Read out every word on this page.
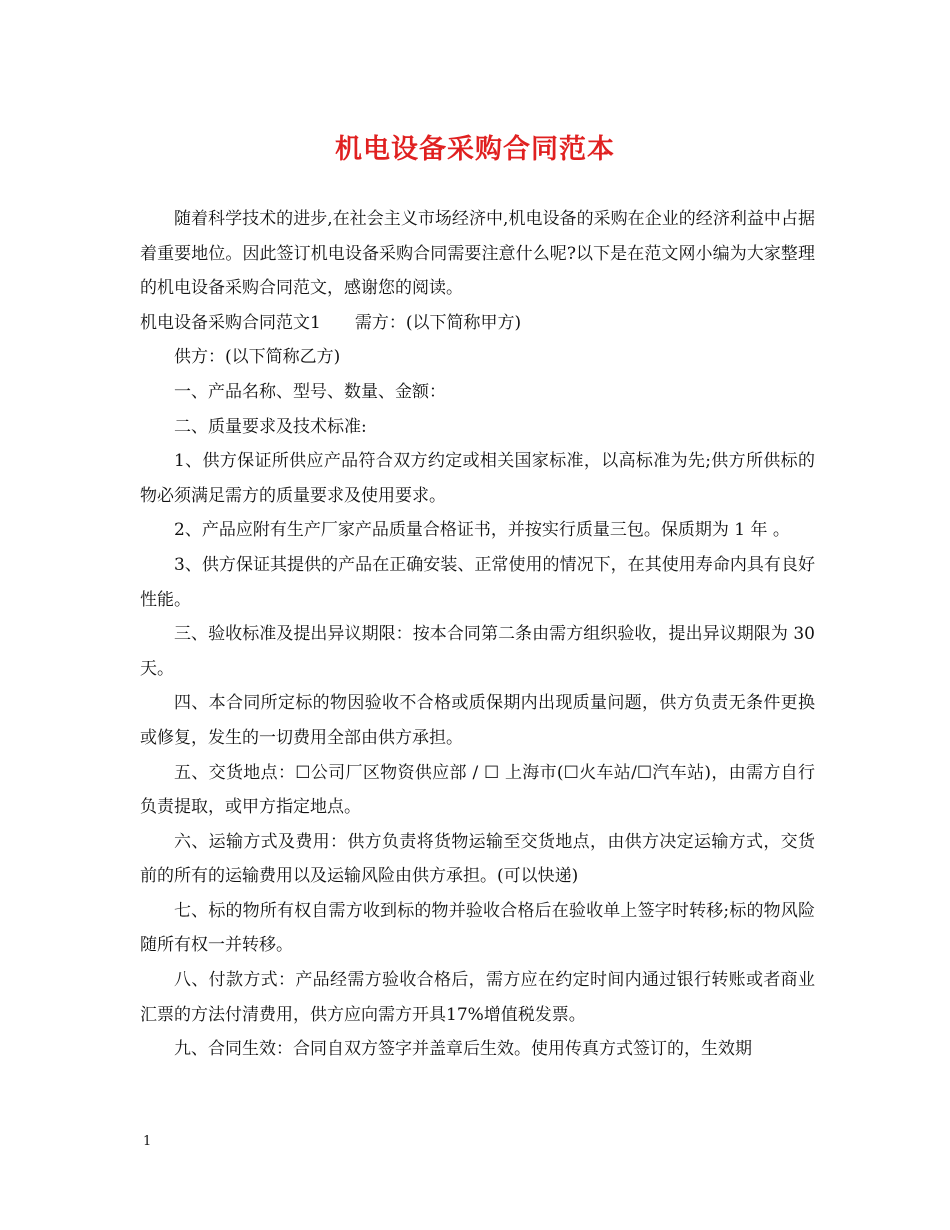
机电设备采购合同范本

随着科学技术的进步,在社会主义市场经济中,机电设备的采购在企业的经济利益中占据着重要地位。因此签订机电设备采购合同需要注意什么呢?以下是在范文网小编为大家整理的机电设备采购合同范文，感谢您的阅读。

机电设备采购合同范文1　　需方：(以下简称甲方)

供方：(以下简称乙方)

一、产品名称、型号、数量、金额：

二、质量要求及技术标准:

1、供方保证所供应产品符合双方约定或相关国家标准，以高标准为先;供方所供标的物必须满足需方的质量要求及使用要求。

2、产品应附有生产厂家产品质量合格证书，并按实行质量三包。保质期为 1 年 。

3、供方保证其提供的产品在正确安装、正常使用的情况下，在其使用寿命内具有良好性能。

三、验收标准及提出异议期限：按本合同第二条由需方组织验收，提出异议期限为 30 天。

四、本合同所定标的物因验收不合格或质保期内出现质量问题，供方负责无条件更换或修复，发生的一切费用全部由供方承担。

五、交货地点：☐公司厂区物资供应部 / ☐ 上海市(☐火车站/☐汽车站)，由需方自行负责提取，或甲方指定地点。

六、运输方式及费用：供方负责将货物运输至交货地点，由供方决定运输方式，交货前的所有的运输费用以及运输风险由供方承担。(可以快递)

七、标的物所有权自需方收到标的物并验收合格后在验收单上签字时转移;标的物风险随所有权一并转移。

八、付款方式：产品经需方验收合格后，需方应在约定时间内通过银行转账或者商业汇票的方法付清费用，供方应向需方开具17%增值税发票。

九、合同生效：合同自双方签字并盖章后生效。使用传真方式签订的，生效期

1
